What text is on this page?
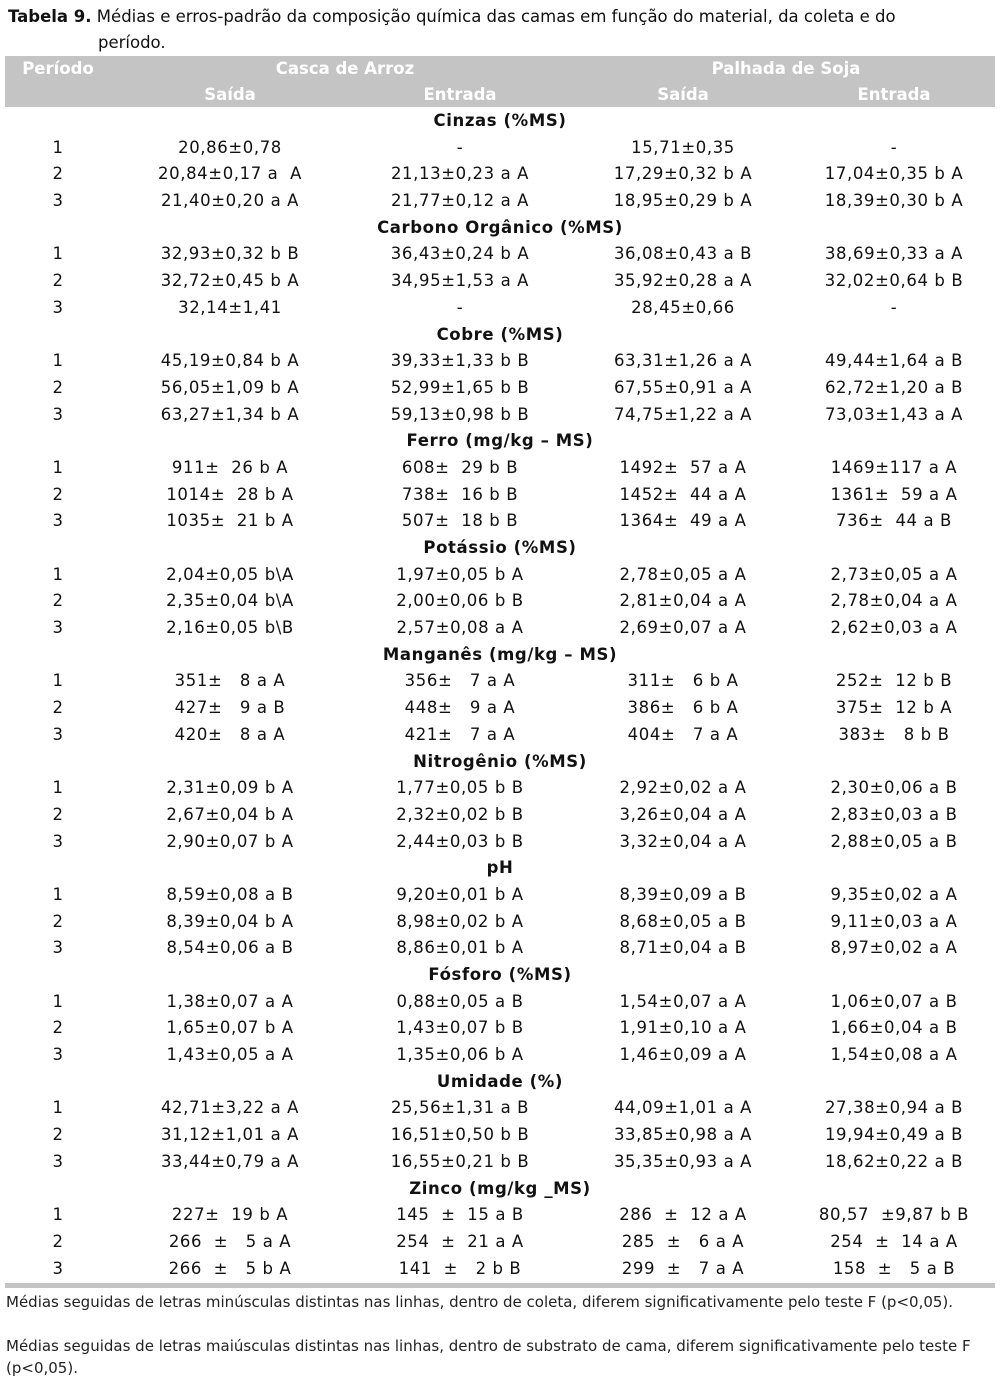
Tabela 9. Médias e erros-padrão da composição química das camas em função do material, da coleta e do
período.
Período	Casca de Arroz	Palhada de Soja
Saída	Entrada	Saída	Entrada
Cinzas (%MS)
1	20,86±0,78	-	15,71±0,35	-
2	20,84±0,17 a  A	21,13±0,23 a A	17,29±0,32 b A	17,04±0,35 b A
3	21,40±0,20 a A	21,77±0,12 a A	18,95±0,29 b A	18,39±0,30 b A
Carbono Orgânico (%MS)
1	32,93±0,32 b B	36,43±0,24 b A	36,08±0,43 a B	38,69±0,33 a A
2	32,72±0,45 b A	34,95±1,53 a A	35,92±0,28 a A	32,02±0,64 b B
3	32,14±1,41	-	28,45±0,66	-
Cobre (%MS)
1	45,19±0,84 b A	39,33±1,33 b B	63,31±1,26 a A	49,44±1,64 a B
2	56,05±1,09 b A	52,99±1,65 b B	67,55±0,91 a A	62,72±1,20 a B
3	63,27±1,34 b A	59,13±0,98 b B	74,75±1,22 a A	73,03±1,43 a A
Ferro (mg/kg – MS)
1	911±  26 b A	608±  29 b B	1492±  57 a A	1469±117 a A
2	1014±  28 b A	738±  16 b B	1452±  44 a A	1361±  59 a A
3	1035±  21 b A	507±  18 b B	1364±  49 a A	736±  44 a B
Potássio (%MS)
1	2,04±0,05 b\A	1,97±0,05 b A	2,78±0,05 a A	2,73±0,05 a A
2	2,35±0,04 b\A	2,00±0,06 b B	2,81±0,04 a A	2,78±0,04 a A
3	2,16±0,05 b\B	2,57±0,08 a A	2,69±0,07 a A	2,62±0,03 a A
Manganês (mg/kg – MS)
1	351±   8 a A	356±   7 a A	311±   6 b A	252±  12 b B
2	427±   9 a B	448±   9 a A	386±   6 b A	375±  12 b A
3	420±   8 a A	421±   7 a A	404±   7 a A	383±   8 b B
Nitrogênio (%MS)
1	2,31±0,09 b A	1,77±0,05 b B	2,92±0,02 a A	2,30±0,06 a B
2	2,67±0,04 b A	2,32±0,02 b B	3,26±0,04 a A	2,83±0,03 a B
3	2,90±0,07 b A	2,44±0,03 b B	3,32±0,04 a A	2,88±0,05 a B
pH
1	8,59±0,08 a B	9,20±0,01 b A	8,39±0,09 a B	9,35±0,02 a A
2	8,39±0,04 b A	8,98±0,02 b A	8,68±0,05 a B	9,11±0,03 a A
3	8,54±0,06 a B	8,86±0,01 b A	8,71±0,04 a B	8,97±0,02 a A
Fósforo (%MS)
1	1,38±0,07 a A	0,88±0,05 a B	1,54±0,07 a A	1,06±0,07 a B
2	1,65±0,07 b A	1,43±0,07 b B	1,91±0,10 a A	1,66±0,04 a B
3	1,43±0,05 a A	1,35±0,06 b A	1,46±0,09 a A	1,54±0,08 a A
Umidade (%)
1	42,71±3,22 a A	25,56±1,31 a B	44,09±1,01 a A	27,38±0,94 a B
2	31,12±1,01 a A	16,51±0,50 b B	33,85±0,98 a A	19,94±0,49 a B
3	33,44±0,79 a A	16,55±0,21 b B	35,35±0,93 a A	18,62±0,22 a B
Zinco (mg/kg _MS)
1	227±  19 b A	145  ±  15 a B	286  ±  12 a A	80,57  ±9,87 b B
2	266  ±   5 a A	254  ±  21 a A	285  ±   6 a A	254  ±  14 a A
3	266  ±   5 b A	141  ±   2 b B	299  ±   7 a A	158  ±   5 a B
Médias seguidas de letras minúsculas distintas nas linhas, dentro de coleta, diferem significativamente pelo teste F (p<0,05).
Médias seguidas de letras maiúsculas distintas nas linhas, dentro de substrato de cama, diferem significativamente pelo teste F (p<0,05).
